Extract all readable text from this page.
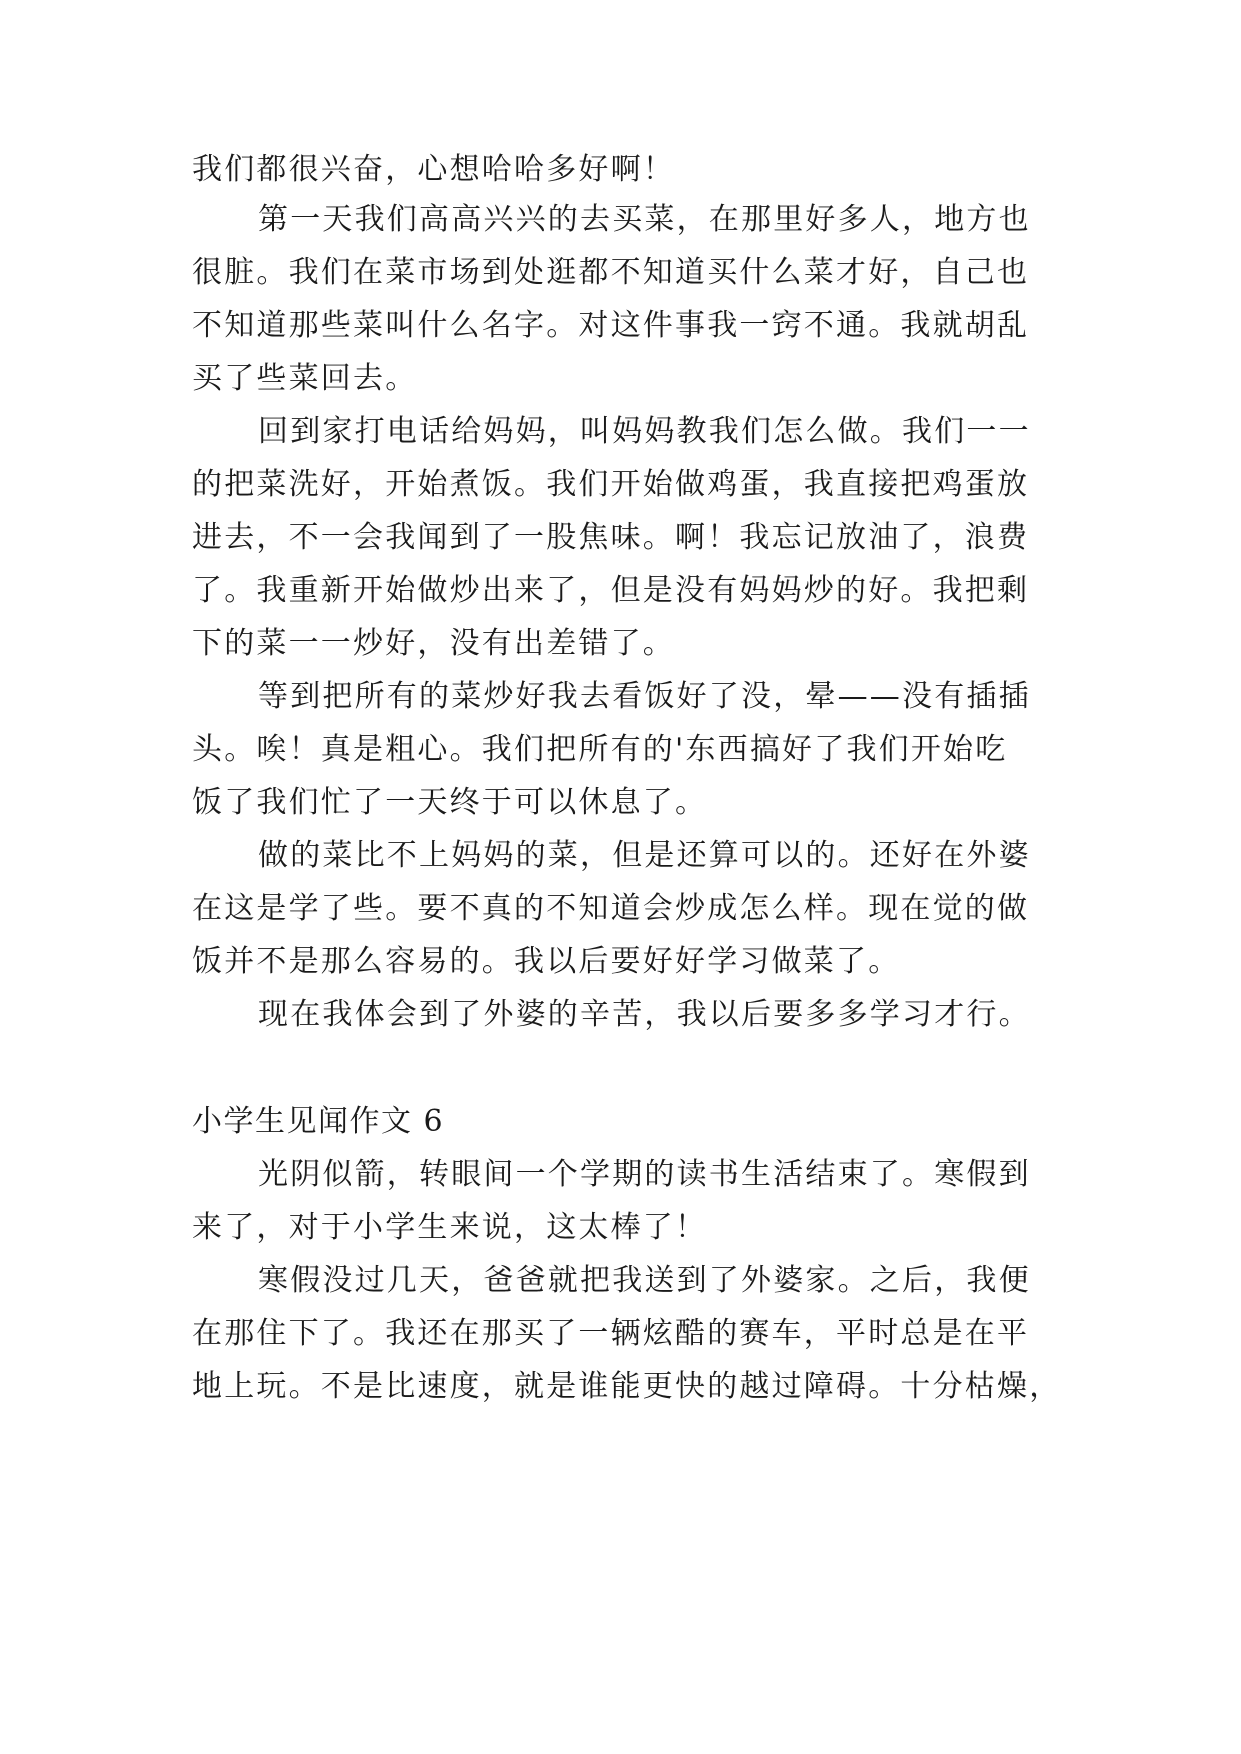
我们都很兴奋，心想哈哈多好啊！
第一天我们高高兴兴的去买菜，在那里好多人，地方也
很脏。我们在菜市场到处逛都不知道买什么菜才好，自己也
不知道那些菜叫什么名字。对这件事我一窍不通。我就胡乱
买了些菜回去。
回到家打电话给妈妈，叫妈妈教我们怎么做。我们一一
的把菜洗好，开始煮饭。我们开始做鸡蛋，我直接把鸡蛋放
进去，不一会我闻到了一股焦味。啊！我忘记放油了，浪费
了。我重新开始做炒出来了，但是没有妈妈炒的好。我把剩
下的菜一一炒好，没有出差错了。
等到把所有的菜炒好我去看饭好了没，晕——没有插插
头。唉！真是粗心。我们把所有的'东西搞好了我们开始吃
饭了我们忙了一天终于可以休息了。
做的菜比不上妈妈的菜，但是还算可以的。还好在外婆
在这是学了些。要不真的不知道会炒成怎么样。现在觉的做
饭并不是那么容易的。我以后要好好学习做菜了。
现在我体会到了外婆的辛苦，我以后要多多学习才行。
小学生见闻作文 6
光阴似箭，转眼间一个学期的读书生活结束了。寒假到
来了，对于小学生来说，这太棒了！
寒假没过几天，爸爸就把我送到了外婆家。之后，我便
在那住下了。我还在那买了一辆炫酷的赛车，平时总是在平
地上玩。不是比速度，就是谁能更快的越过障碍。十分枯燥，
